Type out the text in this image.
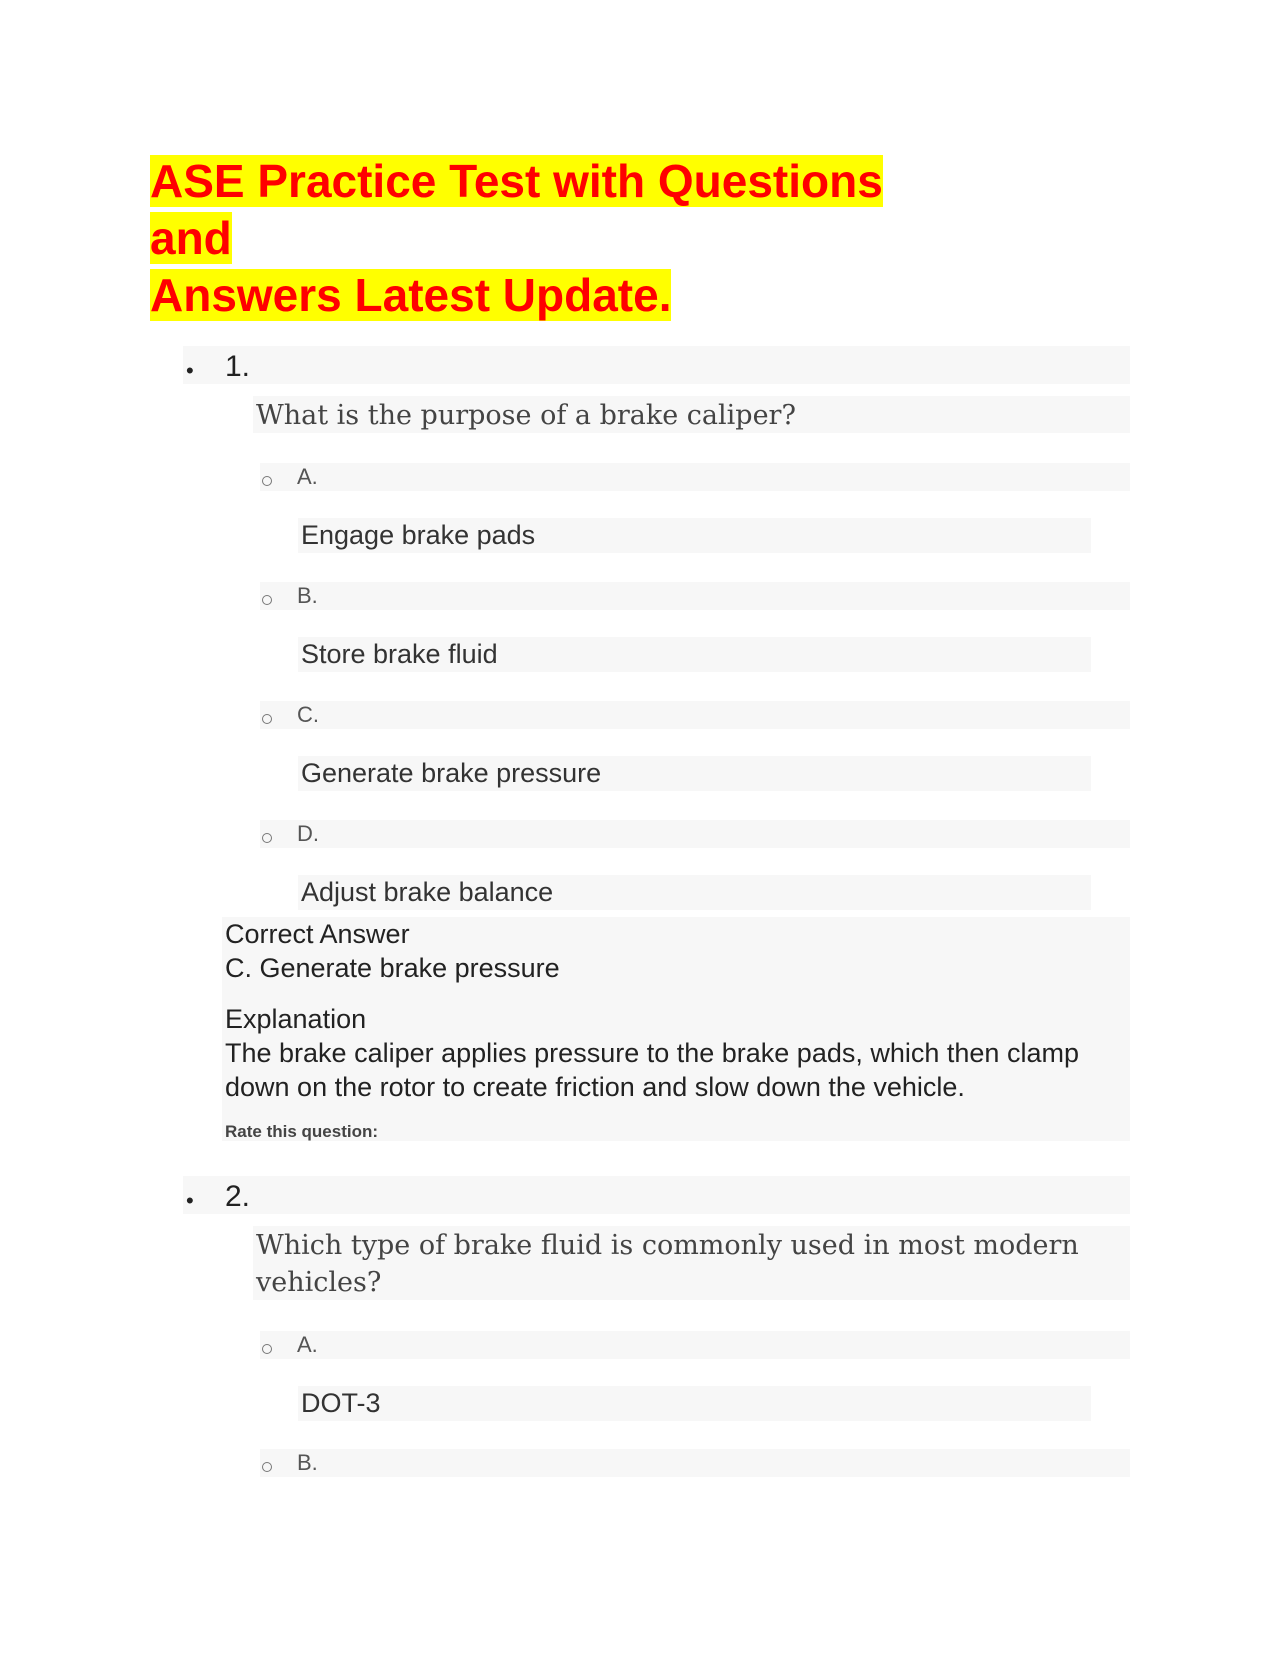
ASE Practice Test with Questions and
Answers Latest Update.
• 1.
What is the purpose of a brake caliper?
A.
Engage brake pads
B.
Store brake fluid
C.
Generate brake pressure
D.
Adjust brake balance
Correct Answer
C. Generate brake pressure
Explanation
The brake caliper applies pressure to the brake pads, which then clamp
down on the rotor to create friction and slow down the vehicle.
Rate this question:
• 2.
Which type of brake fluid is commonly used in most modern
vehicles?
A.
DOT-3
B.
